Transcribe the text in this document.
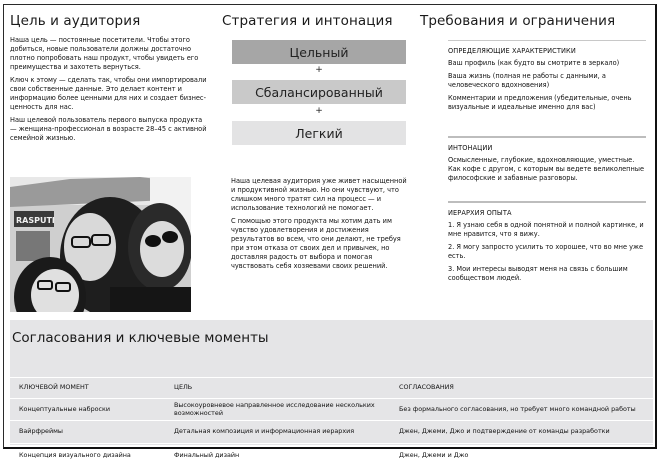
Цель и аудитория

Наша цель — постоянные посетители. Чтобы этого добиться, новые пользователи должны достаточно плотно попробовать наш продукт, чтобы увидеть его преимущества и захотеть вернуться.

Ключ к этому — сделать так, чтобы они импортировали свои собственные данные. Это делает контент и информацию более ценными для них и создает бизнес-ценность для нас.

Наш целевой пользователь первого выпуска продукта — женщина-профессионал в возрасте 28–45 с активной семейной жизнью.

RASPUTI
Стратегия и интонация
Цельный
+
Сбалансированный
+
Легкий

Наша целевая аудитория уже живет насыщенной и продуктивной жизнью. Но они чувствуют, что слишком много тратят сил на процесс — и использование технологий не помогает.

С помощью этого продукта мы хотим дать им чувство удовлетворения и достижения результатов во всем, что они делают, не требуя при этом отказа от своих дел и привычек, но доставляя радость от выбора и помогая чувствовать себя хозяевами своих решений.

Требования и ограничения
ОПРЕДЕЛЯЮЩИЕ ХАРАКТЕРИСТИКИ
Ваш профиль (как будто вы смотрите в зеркало)
Ваша жизнь (полная не работы с данными, а человеческого вдохновения)
Комментарии и предложения (убедительные, очень визуальные и идеальные именно для вас)
ИНТОНАЦИИ
Осмысленные, глубокие, вдохновляющие, уместные. Как кофе с другом, с которым вы ведете великолепные философские и забавные разговоры.
ИЕРАРХИЯ ОПЫТА
1. Я узнаю себя в одной понятной и полной картинке, и мне нравится, что я вижу.
2. Я могу запросто усилить то хорошее, что во мне уже есть.
3. Мои интересы выводят меня на связь с большим сообществом людей.
Согласования и ключевые моменты
КЛЮЧЕВОЙ МОМЕНТ	ЦЕЛЬ	СОГЛАСОВАНИЯ
Концептуальные наброски	Высокоуровневое направленное исследование нескольких возможностей	Без формального согласования, но требует много командной работы
Вайрфреймы	Детальная композиция и информационная иерархия	Джен, Джеми, Джо и подтверждение от команды разработки
Концепция визуального дизайна	Финальный дизайн	Джен, Джеми и Джо
